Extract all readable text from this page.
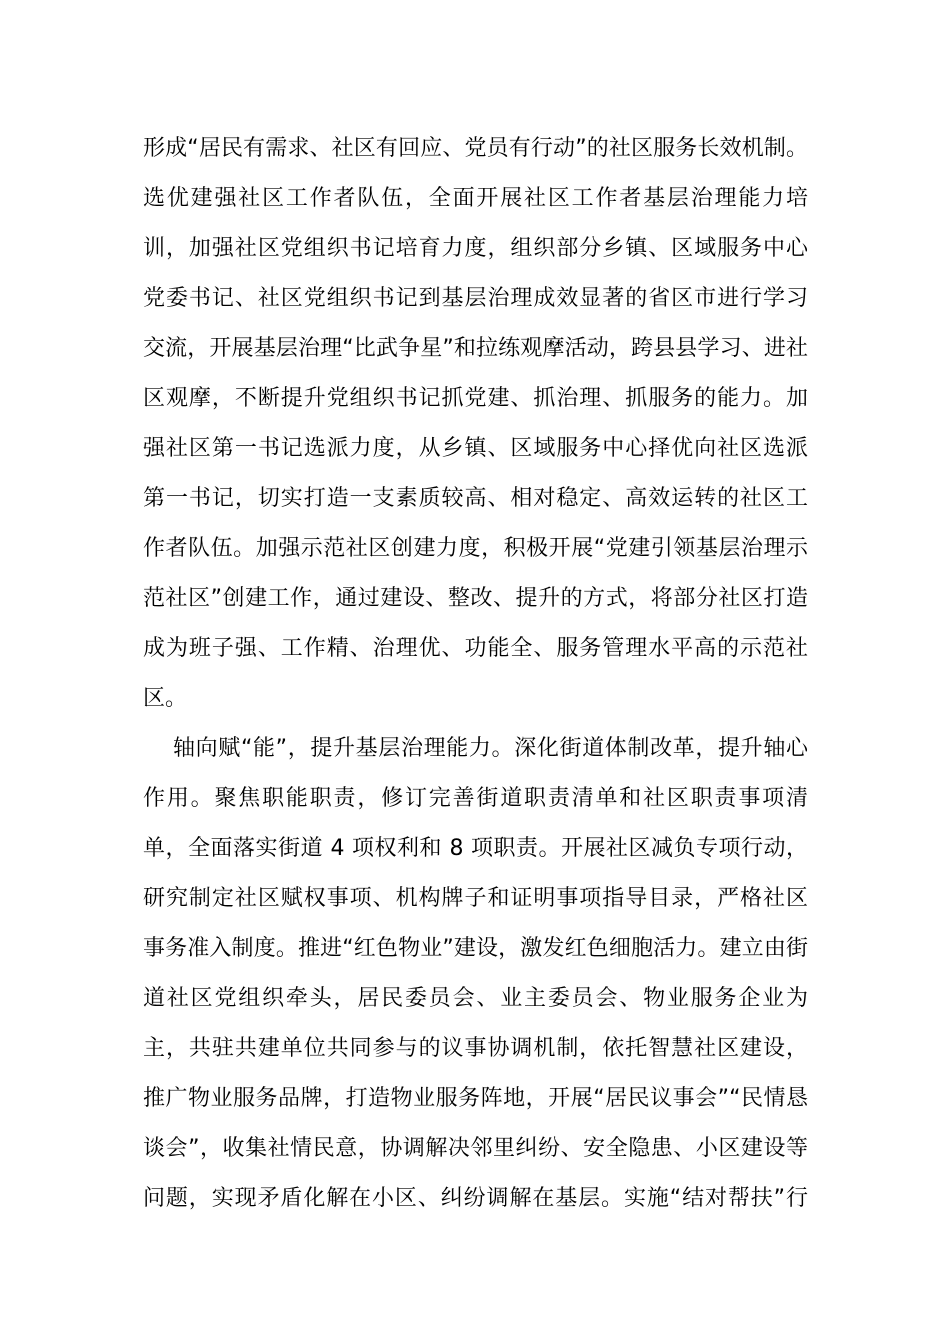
形成“居民有需求、社区有回应、党员有行动”的社区服务长效机制。
选优建强社区工作者队伍，全面开展社区工作者基层治理能力培
训，加强社区党组织书记培育力度，组织部分乡镇、区域服务中心
党委书记、社区党组织书记到基层治理成效显著的省区市进行学习
交流，开展基层治理“比武争星”和拉练观摩活动，跨县县学习、进社
区观摩，不断提升党组织书记抓党建、抓治理、抓服务的能力。加
强社区第一书记选派力度，从乡镇、区域服务中心择优向社区选派
第一书记，切实打造一支素质较高、相对稳定、高效运转的社区工
作者队伍。加强示范社区创建力度，积极开展“党建引领基层治理示
范社区”创建工作，通过建设、整改、提升的方式，将部分社区打造
成为班子强、工作精、治理优、功能全、服务管理水平高的示范社
区。

轴向赋“能”，提升基层治理能力。深化街道体制改革，提升轴心
作用。聚焦职能职责，修订完善街道职责清单和社区职责事项清
单，全面落实街道 4 项权利和 8 项职责。开展社区减负专项行动，
研究制定社区赋权事项、机构牌子和证明事项指导目录，严格社区
事务准入制度。推进“红色物业”建设，激发红色细胞活力。建立由街
道社区党组织牵头，居民委员会、业主委员会、物业服务企业为
主，共驻共建单位共同参与的议事协调机制，依托智慧社区建设，
推广物业服务品牌，打造物业服务阵地，开展“居民议事会”“民情恳
谈会”，收集社情民意，协调解决邻里纠纷、安全隐患、小区建设等
问题，实现矛盾化解在小区、纠纷调解在基层。实施“结对帮扶”行
